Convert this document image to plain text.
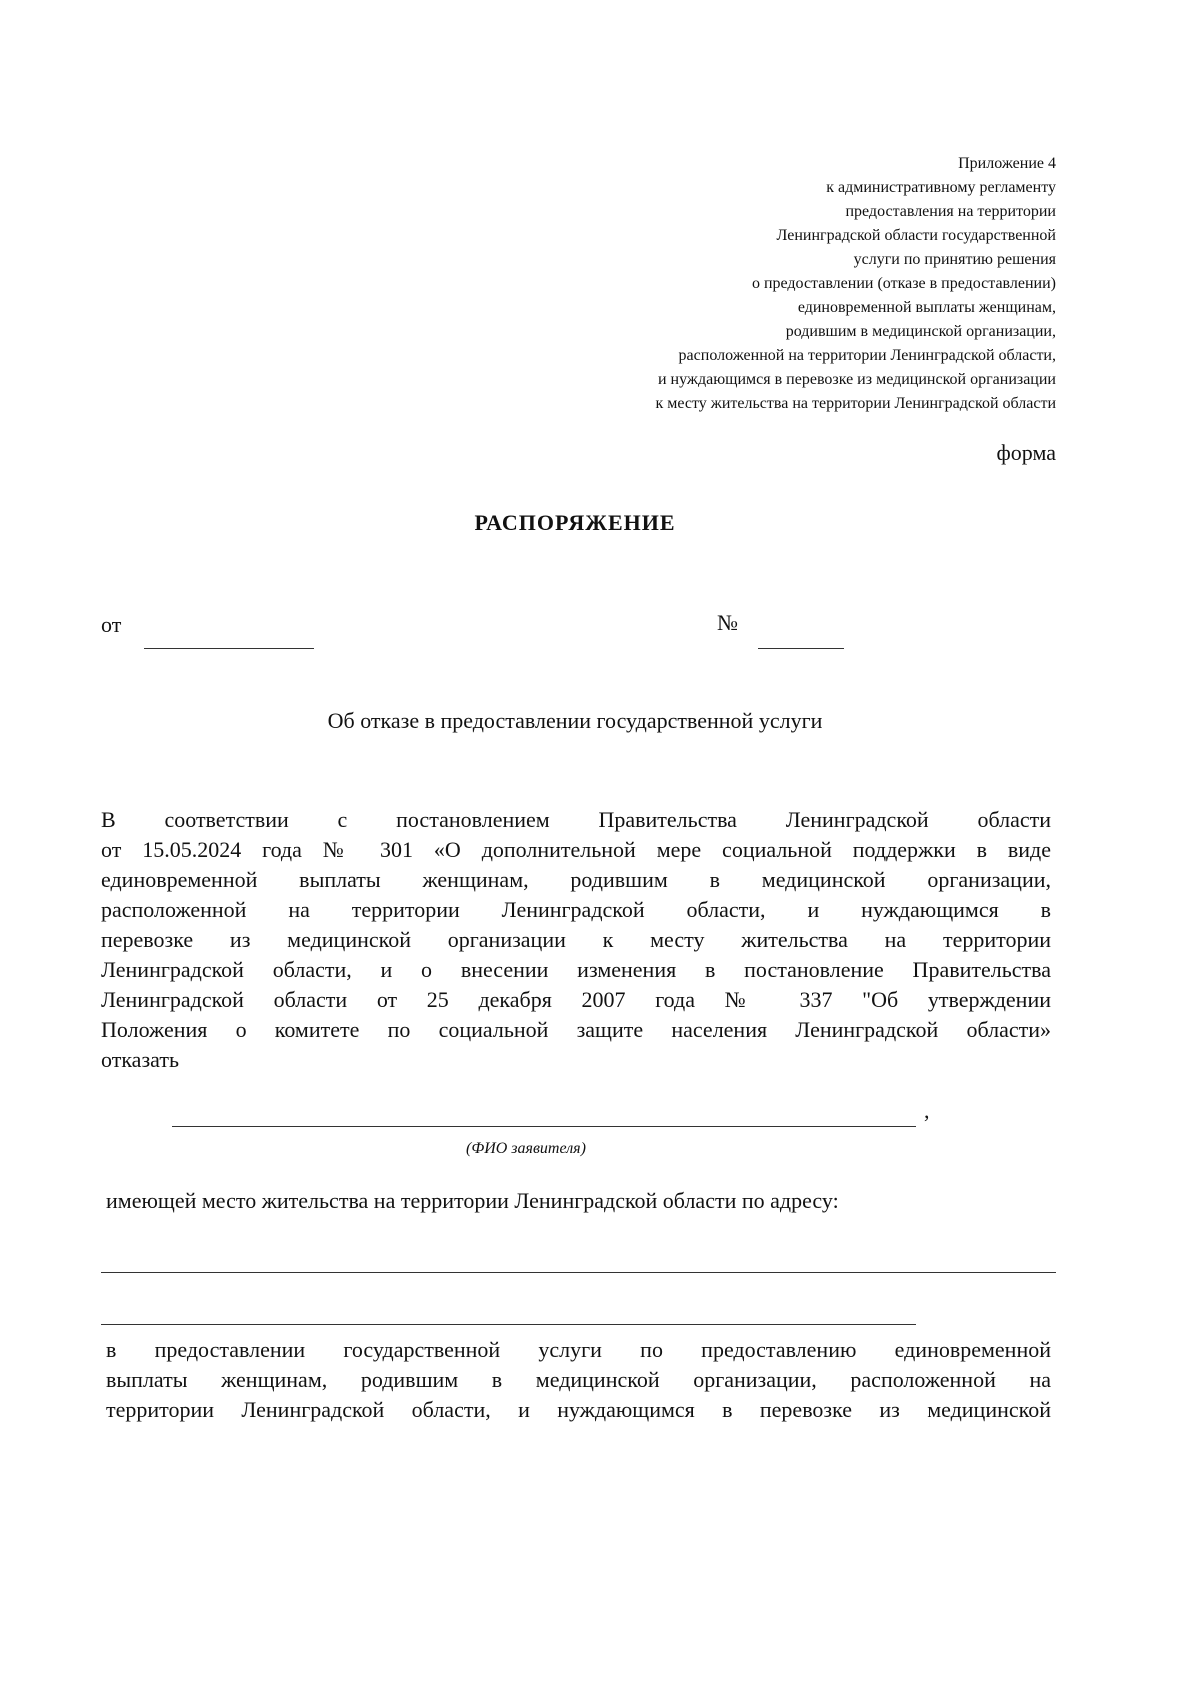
Приложение 4
к административному регламенту
предоставления на территории
Ленинградской области государственной
услуги по принятию решения
о предоставлении (отказе в предоставлении)
единовременной выплаты женщинам,
родившим в медицинской организации,
расположенной на территории Ленинградской области,
и нуждающимся в перевозке из медицинской организации
к месту жительства на территории Ленинградской области
форма
РАСПОРЯЖЕНИЕ
от	№
Об отказе в предоставлении государственной услуги
В соответствии с постановлением Правительства Ленинградской области
от 15.05.2024 года № 301 «О дополнительной мере социальной поддержки в виде
единовременной выплаты женщинам, родившим в медицинской организации,
расположенной на территории Ленинградской области, и нуждающимся в
перевозке из медицинской организации к месту жительства на территории
Ленинградской области, и о внесении изменения в постановление Правительства
Ленинградской области от 25 декабря 2007 года № 337 "Об утверждении
Положения о комитете по социальной защите населения Ленинградской области»
отказать
,
(ФИО заявителя)
имеющей место жительства на территории Ленинградской области по адресу:
в предоставлении государственной услуги по предоставлению единовременной
выплаты женщинам, родившим в медицинской организации, расположенной на
территории Ленинградской области, и нуждающимся в перевозке из медицинской
